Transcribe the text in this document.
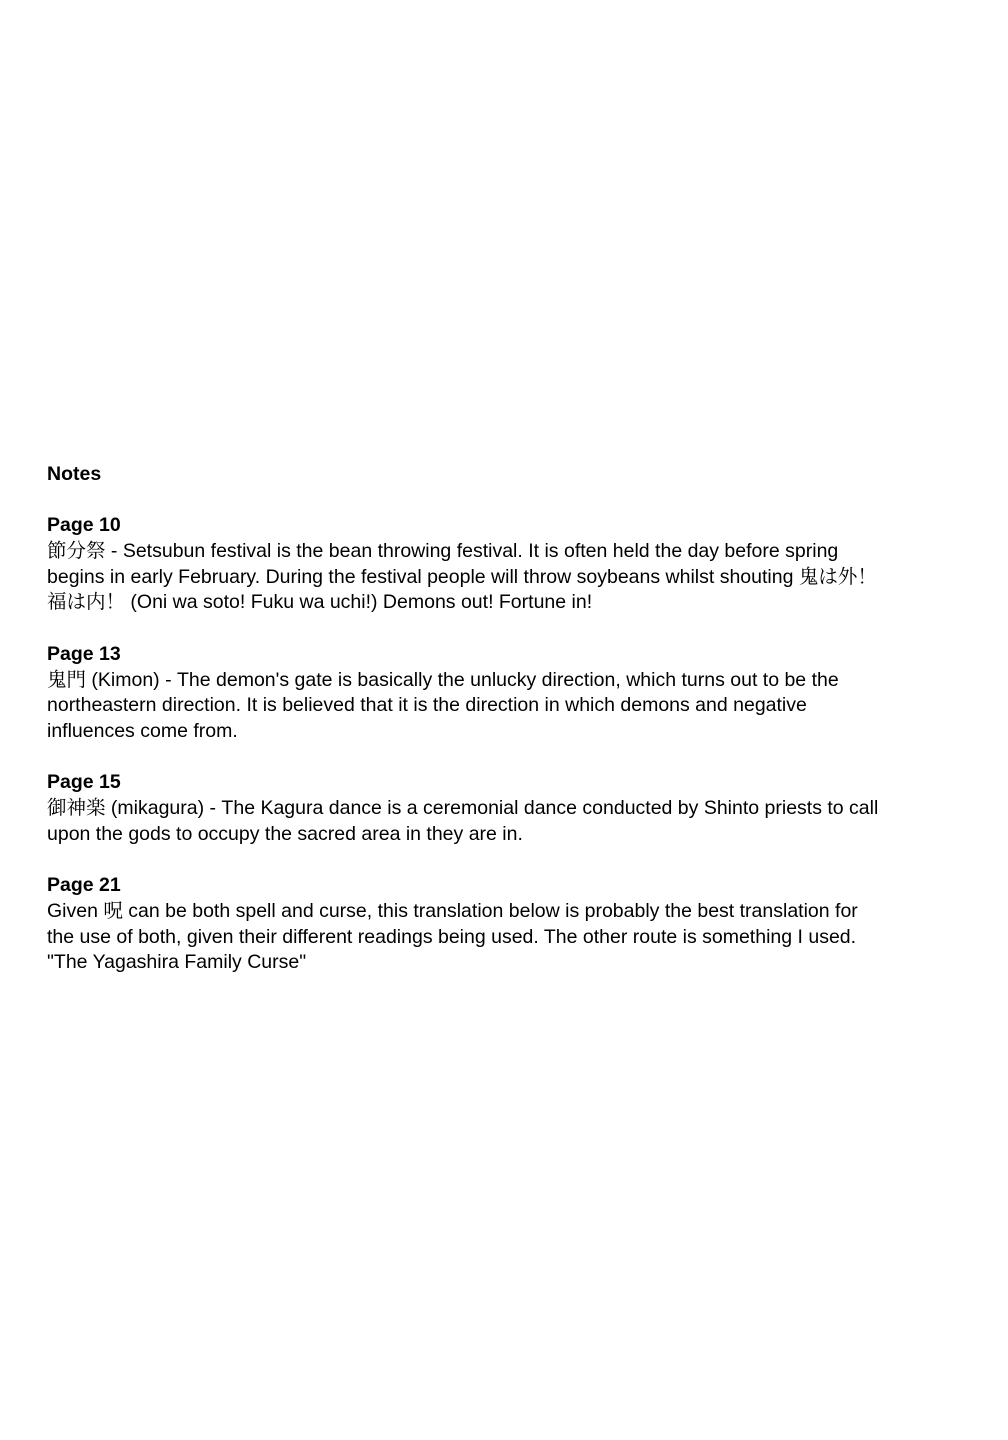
Notes
Page 10
節分祭 - Setsubun festival is the bean throwing festival. It is often held the day before spring
begins in early February. During the festival people will throw soybeans whilst shouting 鬼は外！
福は内！ (Oni wa soto! Fuku wa uchi!) Demons out! Fortune in!
Page 13
鬼門 (Kimon) - The demon's gate is basically the unlucky direction, which turns out to be the
northeastern direction. It is believed that it is the direction in which demons and negative
influences come from.
Page 15
御神楽 (mikagura) - The Kagura dance is a ceremonial dance conducted by Shinto priests to call
upon the gods to occupy the sacred area in they are in.
Page 21
Given 呪 can be both spell and curse, this translation below is probably the best translation for
the use of both, given their different readings being used. The other route is something I used.
"The Yagashira Family Curse"
